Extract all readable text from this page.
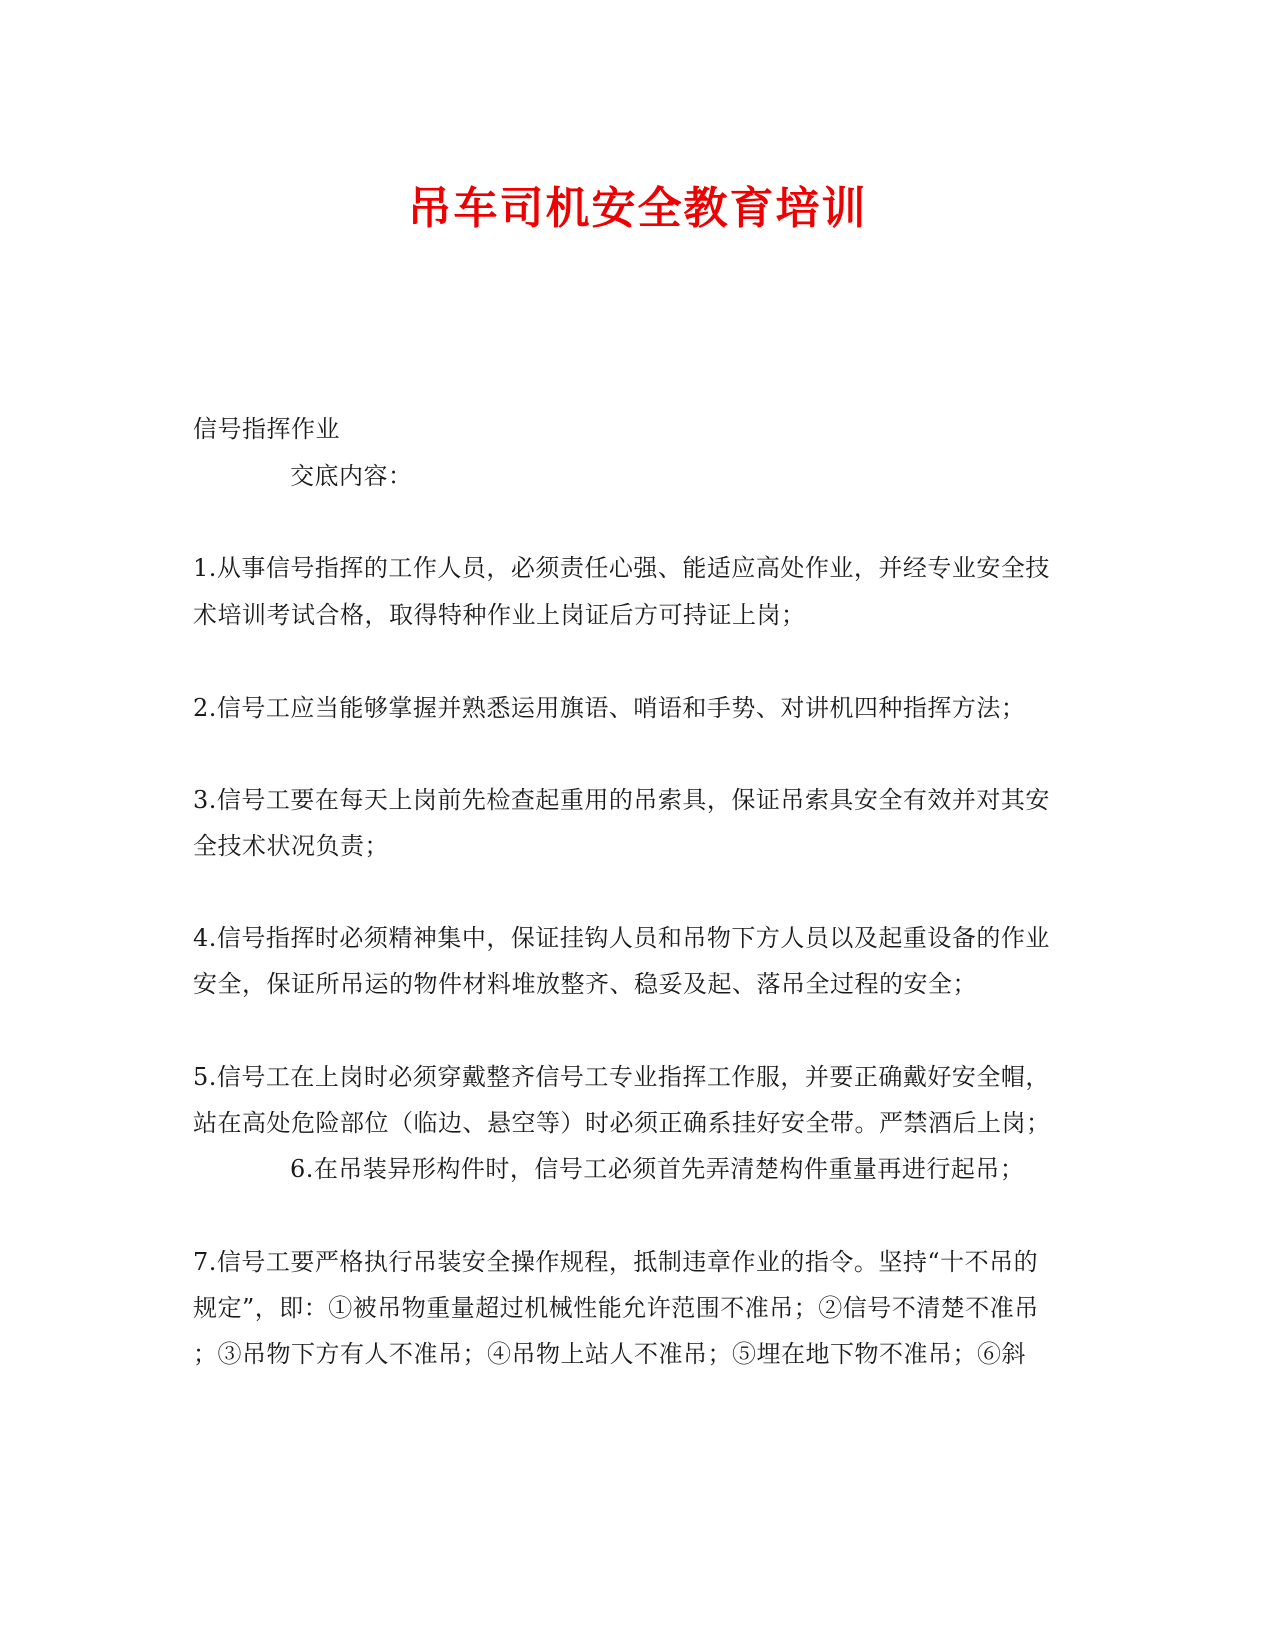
吊车司机安全教育培训
信号指挥作业
交底内容：
1.从事信号指挥的工作人员，必须责任心强、能适应高处作业，并经专业安全技
术培训考试合格，取得特种作业上岗证后方可持证上岗；
2.信号工应当能够掌握并熟悉运用旗语、哨语和手势、对讲机四种指挥方法；
3.信号工要在每天上岗前先检查起重用的吊索具，保证吊索具安全有效并对其安
全技术状况负责；
4.信号指挥时必须精神集中，保证挂钩人员和吊物下方人员以及起重设备的作业
安全，保证所吊运的物件材料堆放整齐、稳妥及起、落吊全过程的安全；
5.信号工在上岗时必须穿戴整齐信号工专业指挥工作服，并要正确戴好安全帽，
站在高处危险部位（临边、悬空等）时必须正确系挂好安全带。严禁酒后上岗；
6.在吊装异形构件时，信号工必须首先弄清楚构件重量再进行起吊；
7.信号工要严格执行吊装安全操作规程，抵制违章作业的指令。坚持“十不吊的
规定”，即：①被吊物重量超过机械性能允许范围不准吊；②信号不清楚不准吊
；③吊物下方有人不准吊；④吊物上站人不准吊；⑤埋在地下物不准吊；⑥斜
